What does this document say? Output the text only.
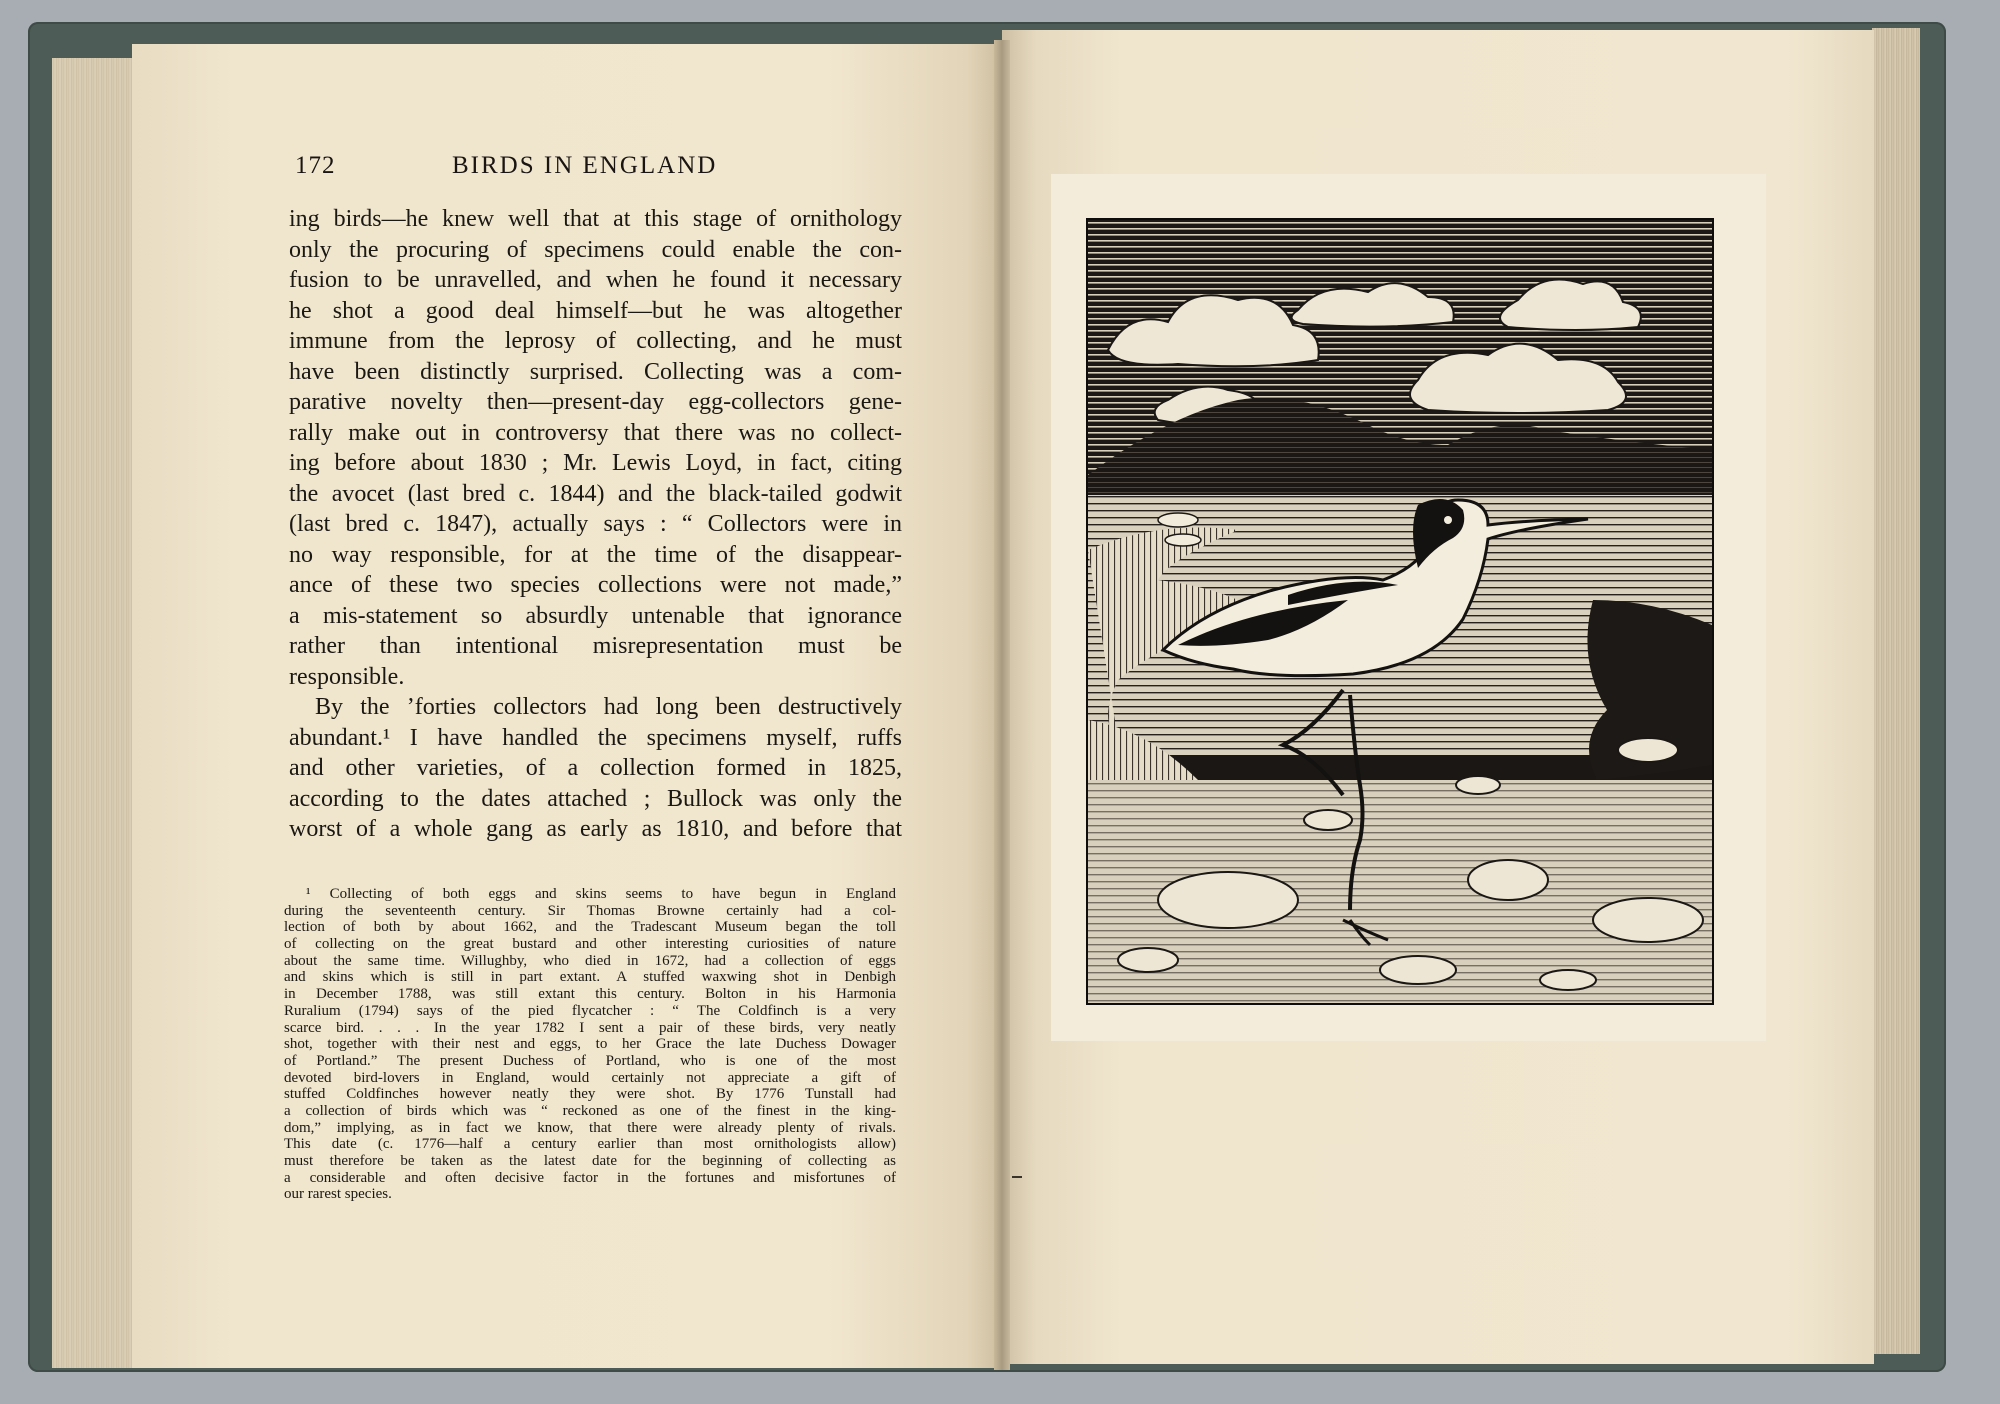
172	BIRDS IN ENGLAND
ing birds—he knew well that at this stage of ornithology
only the procuring of specimens could enable the con-
fusion to be unravelled, and when he found it necessary
he shot a good deal himself—but he was altogether
immune from the leprosy of collecting, and he must
have been distinctly surprised. Collecting was a com-
parative novelty then—present-day egg-collectors gene-
rally make out in controversy that there was no collect-
ing before about 1830 ; Mr. Lewis Loyd, in fact, citing
the avocet (last bred c. 1844) and the black-tailed godwit
(last bred c. 1847), actually says : “ Collectors were in
no way responsible, for at the time of the disappear-
ance of these two species collections were not made,”
a mis-statement so absurdly untenable that ignorance
rather than intentional misrepresentation must be
responsible.
By the ’forties collectors had long been destructively
abundant.¹ I have handled the specimens myself, ruffs
and other varieties, of a collection formed in 1825,
according to the dates attached ; Bullock was only the
worst of a whole gang as early as 1810, and before that
¹ Collecting of both eggs and skins seems to have begun in England
during the seventeenth century. Sir Thomas Browne certainly had a col-
lection of both by about 1662, and the Tradescant Museum began the toll
of collecting on the great bustard and other interesting curiosities of nature
about the same time. Willughby, who died in 1672, had a collection of eggs
and skins which is still in part extant. A stuffed waxwing shot in Denbigh
in December 1788, was still extant this century. Bolton in his Harmonia
Ruralium (1794) says of the pied flycatcher : “ The Coldfinch is a very
scarce bird. . . . In the year 1782 I sent a pair of these birds, very neatly
shot, together with their nest and eggs, to her Grace the late Duchess Dowager
of Portland.” The present Duchess of Portland, who is one of the most
devoted bird-lovers in England, would certainly not appreciate a gift of
stuffed Coldfinches however neatly they were shot. By 1776 Tunstall had
a collection of birds which was “ reckoned as one of the finest in the king-
dom,” implying, as in fact we know, that there were already plenty of rivals.
This date (c. 1776—half a century earlier than most ornithologists allow)
must therefore be taken as the latest date for the beginning of collecting as
a considerable and often decisive factor in the fortunes and misfortunes of
our rarest species.
